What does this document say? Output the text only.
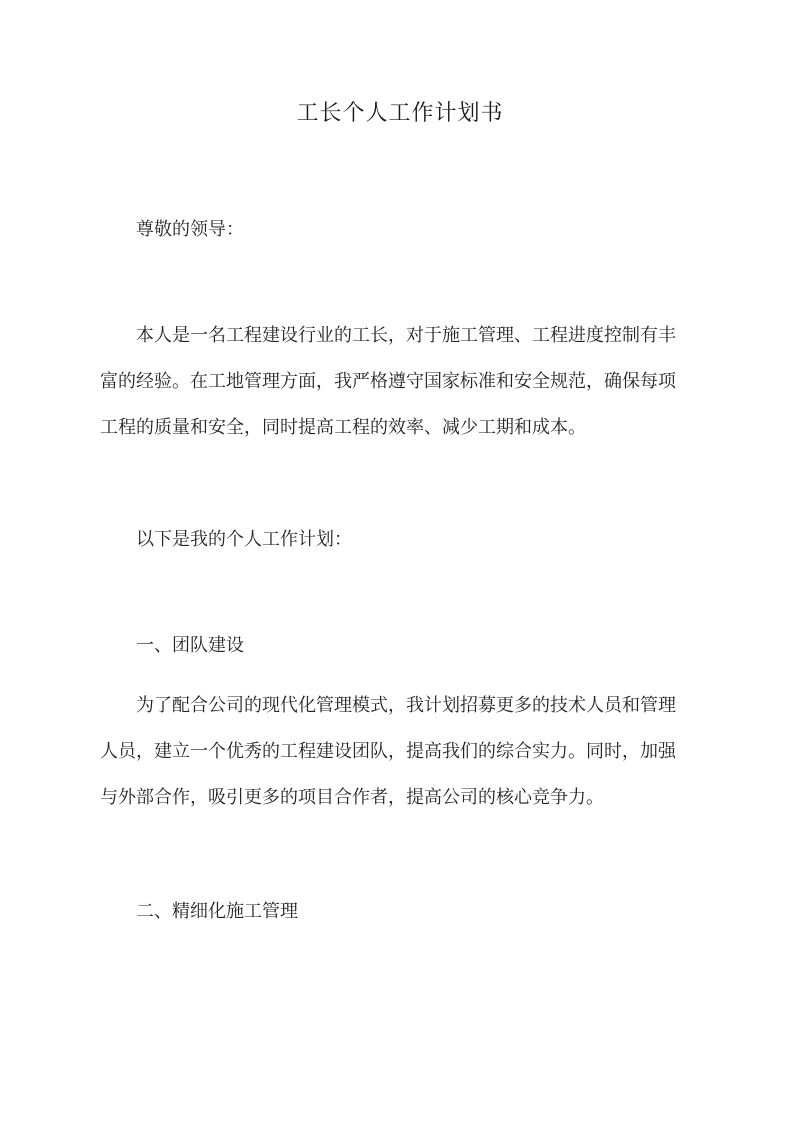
工长个人工作计划书
尊敬的领导：
本人是一名工程建设行业的工长，对于施工管理、工程进度控制有丰
富的经验。在工地管理方面，我严格遵守国家标准和安全规范，确保每项
工程的质量和安全，同时提高工程的效率、减少工期和成本。
以下是我的个人工作计划：
一、团队建设
为了配合公司的现代化管理模式，我计划招募更多的技术人员和管理
人员，建立一个优秀的工程建设团队，提高我们的综合实力。同时，加强
与外部合作，吸引更多的项目合作者，提高公司的核心竞争力。
二、精细化施工管理
